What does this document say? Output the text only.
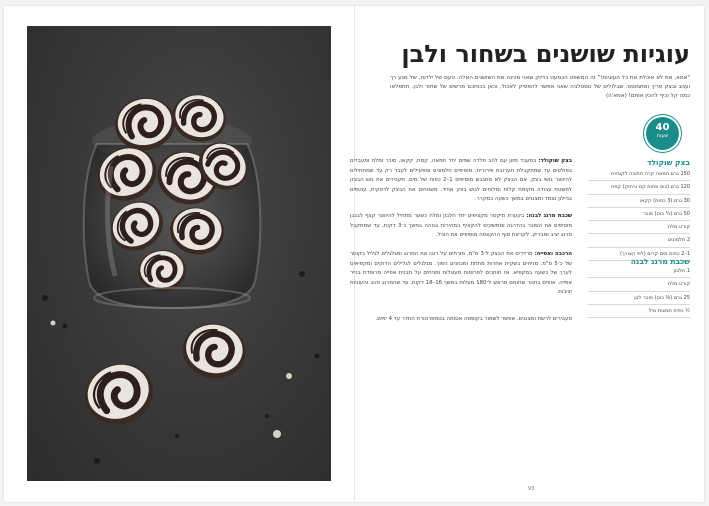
עוגיות שושנים בשחור ולבן
"אמא, את לא אוכלת את כל העוגיות!" זה המשפט הכמעט בדיוק שאני מכינה את השושנים האלה. טעם של ילדות, של מגע רך וענוג ובצק פריך ומתמוסס. שבלולים של נוסטלגיה שאני אפשר להפסיק לאכול, וכאן בכוחכם מרשים של שחור ולבן. תתפלאו כמה קל וכיף להכין אותם! (אמא'ה)
40
שעות
בצק שוקולד
150 גרם חמאה קרה חתוכה לקוביות
120 גרם (כוס פחות קמ ורחוק) קמח
30 גרם (3 כפות) קקאו
50 גרם (¼ כוס) סוכר
קורט מלח
2 חלמונים
1–2 כפות מים קרים (לפי הצורך)
שכבת מרנג לבנה
1 חלבון
קורט מלח
25 גרם (⅛ כוס) סוכר לבן
½ כפית תמצית וניל
בצק שוקולד: במעבד מזון עם להב פלדה שמים יחד חמאה, קמח, קקאו, סוכר ומלח ומעבדים בפולסים עד שמתקבלת תערובת פירורית. מוסיפים חלמונים ומפעילים לעבד רק עד שמתחילים להיווצר גושי בצק. אם הבצק לא מתגבש מוסיפים 1–2 כפות של מים. מעבירים את גוש הבצק למשטח עבודה מקומח קלות ומלוחים לגוש בצק אחיד. משטחים את הבצק לדסקית, עוטפים בניילון נצמד ומצננים במשך כשעה במקרר.
שכבת מרנג לבנה: בקערת מיקסר מקציפים יחד חלבון ומלח כשער מתחיל להיווצר קצף לבנבן מוסיפים את הסוכר בהדרגה וממשיכים להקציף במהירות גבוהה במשך כ־3 דקות, עד שמתקבל מרנג יציב ומבריק. לקראת סוף ההקצפה מוסיפים את הוניל.
הרכבה ואפייה: מרדדים את הבצק ל־3 מ"מ, מורחים על רובו את המרנג ומגלגלים לגליל בקוטר של כ־5 ס"מ. מניחים בשקית אחרות מתחת ומכוונים הפוך. מגלגלים לגלילים הדוקים ומקפיאים לערך של כשעה במקפיא. אז חותכים לפרוסות מעוגלות ומניחים על תבנית אפייה מרופדת בנייר אפייה. אופים בתנור שחומם מראש ל־180 מעלות במשך 16–18 דקות, עד שהמרנג זהוב והעוגיות יציבות.
מעבירים לרשת ומצננים. אפשר לשמור בקופסה אטומה בטמפרטורת החדר עד 4 ימים.
93
